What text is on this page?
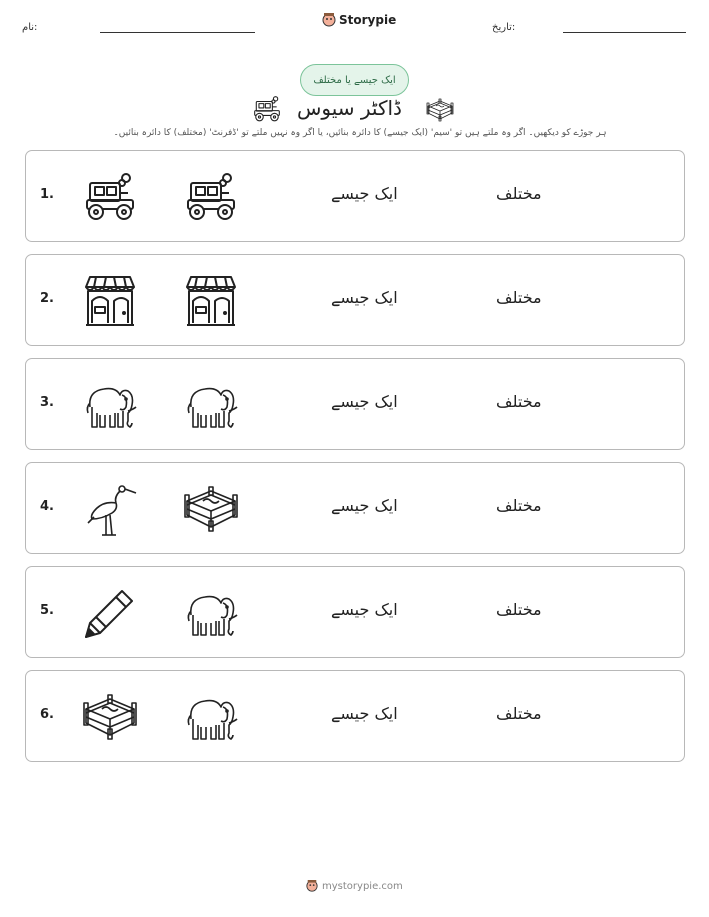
نام:
Storypie
تاریخ:
ایک جیسے یا مختلف
ڈاکٹر سیوس
ہر جوڑے کو دیکھیں۔ اگر وہ ملتے ہیں تو 'سیم' (ایک جیسے) کا دائرہ بنائیں، یا اگر وہ نہیں ملتے تو 'ڈفرنٹ' (مختلف) کا دائرہ بنائیں۔
1.	ایک جیسے	مختلف
2.	ایک جیسے	مختلف
3.	ایک جیسے	مختلف
4.	ایک جیسے	مختلف
5.	ایک جیسے	مختلف
6.	ایک جیسے	مختلف
mystorypie.com
